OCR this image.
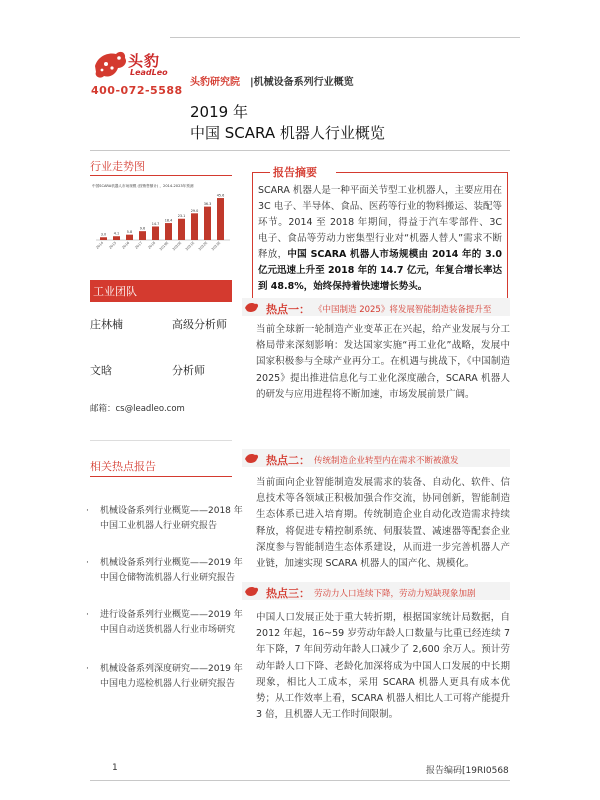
头豹
LeadLeo
400-072-5588
头豹研究院 |机械设备系列行业概览
2019 年
中国 SCARA 机器人行业概览
行业走势图
中国SCARA机器人市场规模 (按销售额计) ，2014-2023年预测
3.0 4.1 5.8
9.6
14.7
18.4
23.1
29.0
36.3
45.6
2014 2015 2016 2017 2018 2019E 2020E 2021E 2022E 2023E
工业团队
庄林楠	高级分析师
文晗	分析师
邮箱：cs@leadleo.com
相关热点报告
· 机械设备系列行业概览——2018 年中国工业机器人行业研究报告
· 机械设备系列行业概览——2019 年中国仓储物流机器人行业研究报告
· 进行设备系列行业概览——2019 年中国自动送货机器人行业市场研究
· 机械设备系列深度研究——2019 年中国电力巡检机器人行业研究报告
报告摘要
SCARA 机器人是一种平面关节型工业机器人，主要应用在 3C 电子、半导体、食品、医药等行业的物料搬运、装配等环节。2014 至 2018 年期间，得益于汽车零部件、3C 电子、食品等劳动力密集型行业对“机器人替人”需求不断释放，中国 SCARA 机器人市场规模由 2014 年的 3.0 亿元迅速上升至 2018 年的 14.7 亿元，年复合增长率达到 48.8%，始终保持着快速增长势头。
热点一： 《中国制造 2025》将发展智能制造装备提升至
当前全球新一轮制造产业变革正在兴起，给产业发展与分工格局带来深刻影响：发达国家实施“再工业化”战略，发展中国家积极参与全球产业再分工。在机遇与挑战下，《中国制造 2025》提出推进信息化与工业化深度融合，SCARA 机器人的研发与应用进程将不断加速，市场发展前景广阔。
热点二： 传统制造企业转型内在需求不断被激发
当前面向企业智能制造发展需求的装备、自动化、软件、信息技术等各领域正积极加强合作交流，协同创新，智能制造生态体系已进入培育期。传统制造企业自动化改造需求持续释放，将促进专精控制系统、伺服装置、减速器等配套企业深度参与智能制造生态体系建设，从而进一步完善机器人产业链，加速实现 SCARA 机器人的国产化、规模化。
热点三： 劳动力人口连续下降，劳动力短缺现象加剧
中国人口发展正处于重大转折期，根据国家统计局数据，自 2012 年起，16~59 岁劳动年龄人口数量与比重已经连续 7 年下降，7 年间劳动年龄人口减少了 2,600 余万人。预计劳动年龄人口下降、老龄化加深将成为中国人口发展的中长期现象，相比人工成本，采用 SCARA 机器人更具有成本优势；从工作效率上看，SCARA 机器人相比人工可将产能提升 3 倍，且机器人无工作时间限制。
1	报告编码[19RI0568
